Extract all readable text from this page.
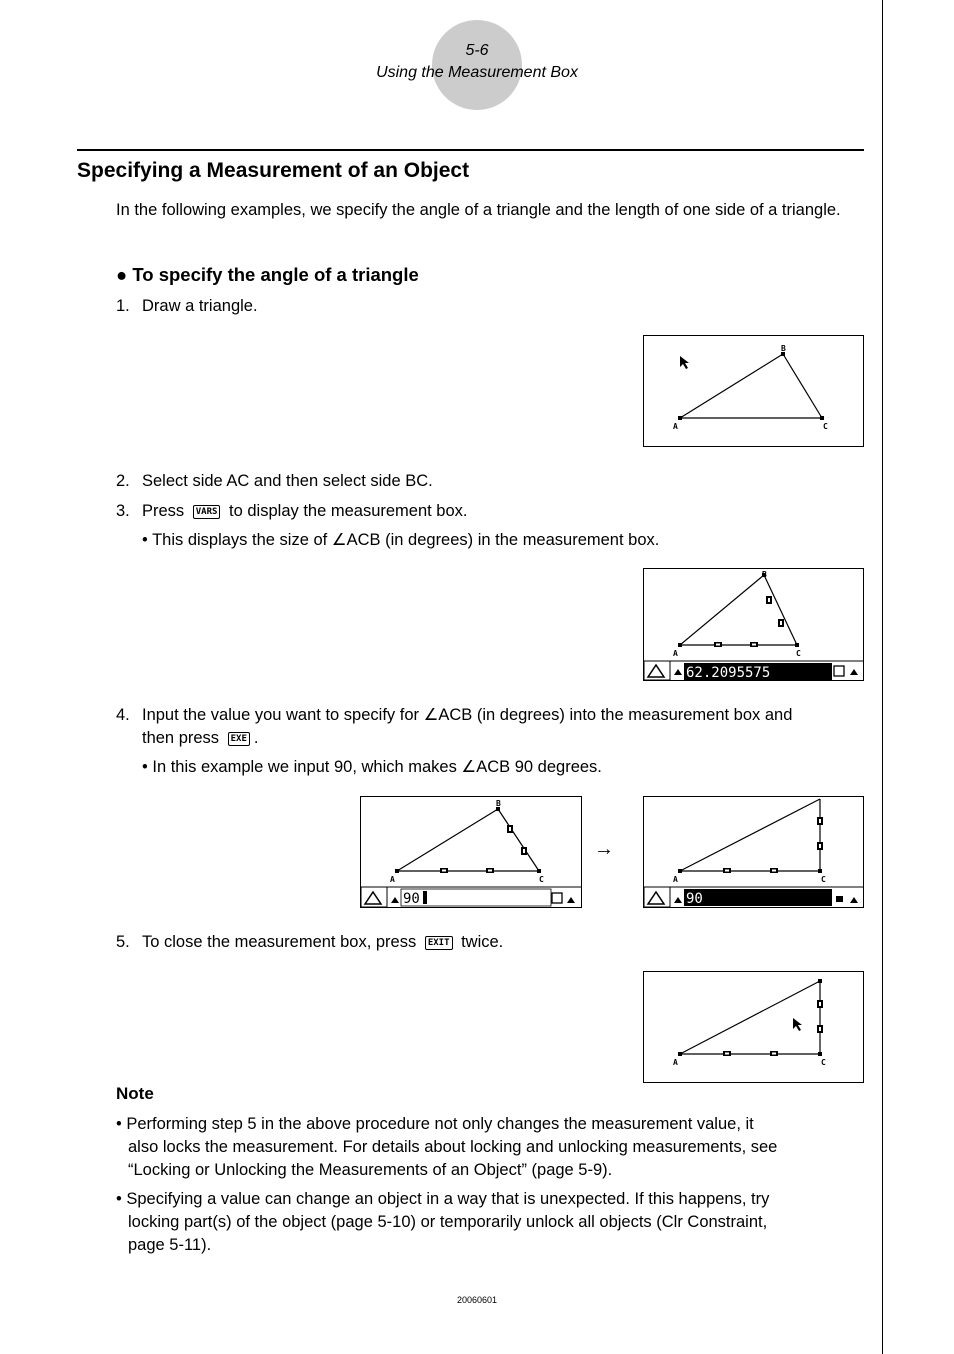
5-6
Using the Measurement Box
Specifying a Measurement of an Object
In the following examples, we specify the angle of a triangle and the length of one side of a triangle.
● To specify the angle of a triangle
1. Draw a triangle.
A
B
C
2. Select side AC and then select side BC.
3. Press VARS to display the measurement box.
• This displays the size of ∠ACB (in degrees) in the measurement box.
A
B
C
62.2095575
4. Input the value you want to specify for ∠ACB (in degrees) into the measurement box and
then press EXE .
• In this example we input 90, which makes ∠ACB 90 degrees.
A
B
C
90
→
A	C
90
5. To close the measurement box, press EXIT twice.
A	C
Note
• Performing step 5 in the above procedure not only changes the measurement value, it
also locks the measurement. For details about locking and unlocking measurements, see
“Locking or Unlocking the Measurements of an Object” (page 5-9).
• Specifying a value can change an object in a way that is unexpected. If this happens, try
locking part(s) of the object (page 5-10) or temporarily unlock all objects (Clr Constraint,
page 5-11).
20060601
